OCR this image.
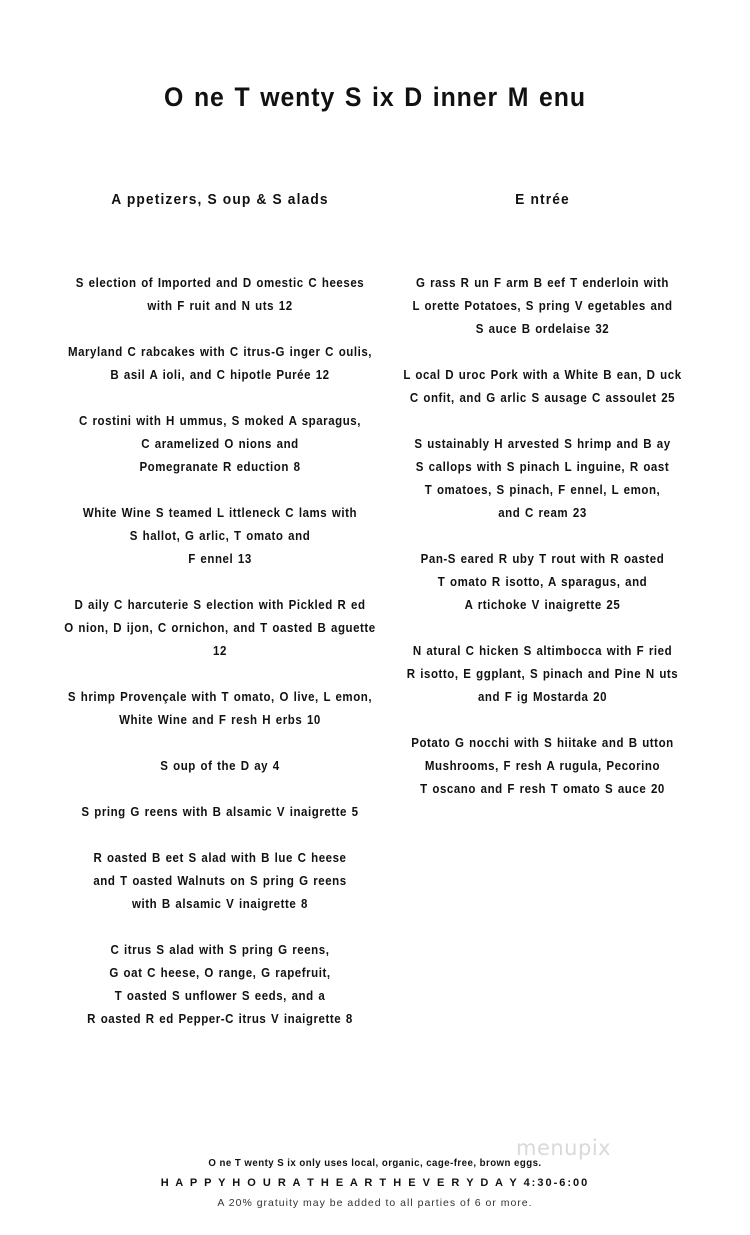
O ne T wenty S ix D inner M enu
A ppetizers, S oup & S alads
S election of Imported and D omestic C heeses
with F ruit and N uts 12
Maryland C rabcakes with C itrus-G inger C oulis,
B asil A ioli, and C hipotle Purée 12
C rostini with H ummus, S moked A sparagus,
C aramelized O nions and
Pomegranate R eduction 8
White Wine S teamed L ittleneck C lams with
S hallot, G arlic, T omato and
F ennel 13
D aily C harcuterie S election with Pickled R ed
O nion, D ijon, C ornichon, and T oasted B aguette
12
S hrimp Provençale with T omato, O live, L emon,
White Wine and F resh H erbs 10
S oup of the D ay 4
S pring G reens with B alsamic V inaigrette 5
R oasted B eet S alad with B lue C heese
and T oasted Walnuts on S pring G reens
with B alsamic V inaigrette 8
C itrus S alad with S pring G reens,
G oat C heese, O range, G rapefruit,
T oasted S unflower S eeds, and a
R oasted R ed Pepper-C itrus V inaigrette 8
E ntrée
G rass R un F arm B eef T enderloin with
L orette Potatoes, S pring V egetables and
S auce B ordelaise 32
L ocal D uroc Pork with a White B ean, D uck
C onfit, and G arlic S ausage C assoulet 25
S ustainably H arvested S hrimp and B ay
S callops with S pinach L inguine, R oast
T omatoes, S pinach, F ennel, L emon,
and C ream 23
Pan-S eared R uby T rout with R oasted
T omato R isotto, A sparagus, and
A rtichoke V inaigrette 25
N atural C hicken S altimbocca with F ried
R isotto, E ggplant, S pinach and Pine N uts
and F ig Mostarda 20
Potato G nocchi with S hiitake and B utton
Mushrooms, F resh A rugula, Pecorino
T oscano and F resh T omato S auce 20
O ne T wenty S ix only uses local, organic, cage-free, brown eggs.
H A P P Y H O U R A T H E A R T H E V E R Y D A Y 4:30-6:00
A 20% gratuity may be added to all parties of 6 or more.
menupix
